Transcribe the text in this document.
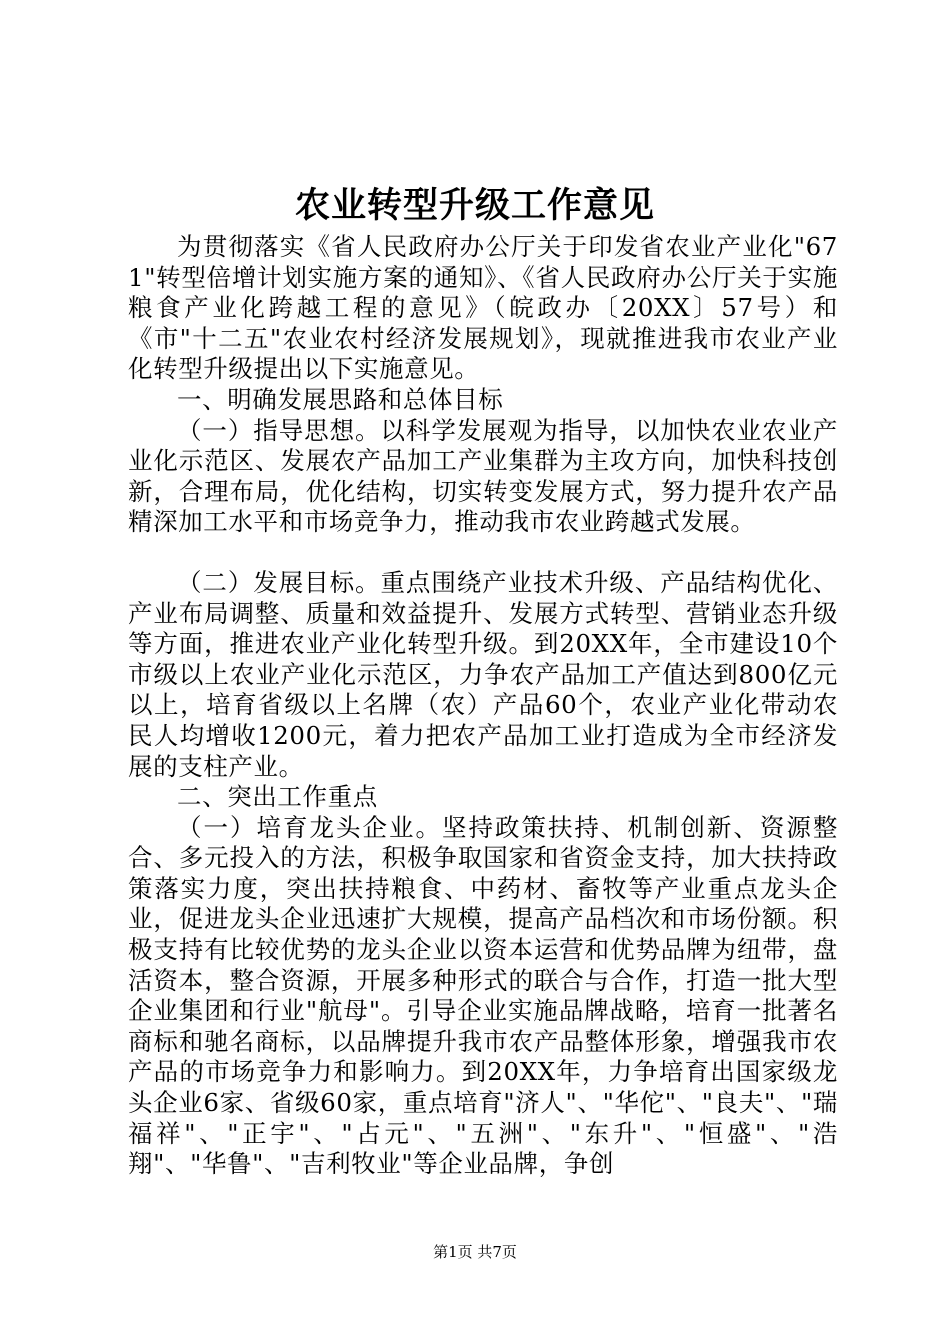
农业转型升级工作意见

为贯彻落实《省人民政府办公厅关于印发省农业产业化"671"转型倍增计划实施方案的通知》、《省人民政府办公厅关于实施粮食产业化跨越工程的意见》（皖政办〔20XX〕57号）和《市"十二五"农业农村经济发展规划》，现就推进我市农业产业化转型升级提出以下实施意见。

一、明确发展思路和总体目标

（一）指导思想。以科学发展观为指导，以加快农业农业产业化示范区、发展农产品加工产业集群为主攻方向，加快科技创新，合理布局，优化结构，切实转变发展方式，努力提升农产品精深加工水平和市场竞争力，推动我市农业跨越式发展。

（二）发展目标。重点围绕产业技术升级、产品结构优化、产业布局调整、质量和效益提升、发展方式转型、营销业态升级等方面，推进农业产业化转型升级。到20XX年，全市建设10个市级以上农业产业化示范区，力争农产品加工产值达到800亿元以上，培育省级以上名牌（农）产品60个，农业产业化带动农民人均增收1200元，着力把农产品加工业打造成为全市经济发展的支柱产业。

二、突出工作重点

（一）培育龙头企业。坚持政策扶持、机制创新、资源整合、多元投入的方法，积极争取国家和省资金支持，加大扶持政策落实力度，突出扶持粮食、中药材、畜牧等产业重点龙头企业，促进龙头企业迅速扩大规模，提高产品档次和市场份额。积极支持有比较优势的龙头企业以资本运营和优势品牌为纽带，盘活资本，整合资源，开展多种形式的联合与合作，打造一批大型企业集团和行业"航母"。引导企业实施品牌战略，培育一批著名商标和驰名商标，以品牌提升我市农产品整体形象，增强我市农产品的市场竞争力和影响力。到20XX年，力争培育出国家级龙头企业6家、省级60家，重点培育"济人"、"华佗"、"良夫"、"瑞福祥"、"正宇"、"占元"、"五洲"、"东升"、"恒盛"、"浩翔"、"华鲁"、"吉利牧业"等企业品牌，争创

第1页 共7页
